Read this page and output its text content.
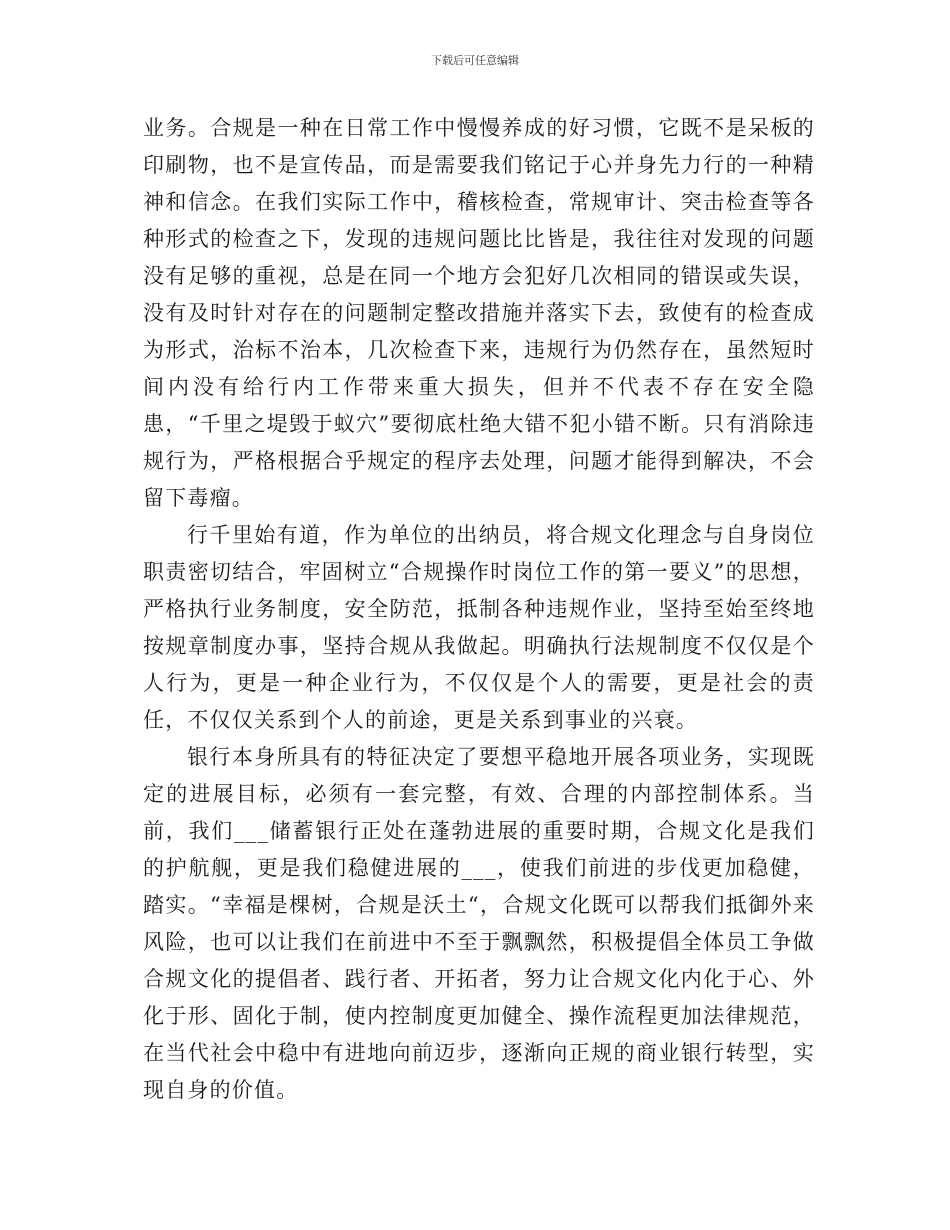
下载后可任意编辑

业务。合规是一种在日常工作中慢慢养成的好习惯，它既不是呆板的印刷物，也不是宣传品，而是需要我们铭记于心并身先力行的一种精神和信念。在我们实际工作中，稽核检查，常规审计、突击检查等各种形式的检查之下，发现的违规问题比比皆是，我往往对发现的问题没有足够的重视，总是在同一个地方会犯好几次相同的错误或失误，没有及时针对存在的问题制定整改措施并落实下去，致使有的检查成为形式，治标不治本，几次检查下来，违规行为仍然存在，虽然短时间内没有给行内工作带来重大损失，但并不代表不存在安全隐患，“千里之堤毁于蚁穴”要彻底杜绝大错不犯小错不断。只有消除违规行为，严格根据合乎规定的程序去处理，问题才能得到解决，不会留下毒瘤。

行千里始有道，作为单位的出纳员，将合规文化理念与自身岗位职责密切结合，牢固树立“合规操作时岗位工作的第一要义”的思想，严格执行业务制度，安全防范，抵制各种违规作业，坚持至始至终地按规章制度办事，坚持合规从我做起。明确执行法规制度不仅仅是个人行为，更是一种企业行为，不仅仅是个人的需要，更是社会的责任，不仅仅关系到个人的前途，更是关系到事业的兴衰。

银行本身所具有的特征决定了要想平稳地开展各项业务，实现既定的进展目标，必须有一套完整，有效、合理的内部控制体系。当前，我们___储蓄银行正处在蓬勃进展的重要时期，合规文化是我们的护航舰，更是我们稳健进展的___，使我们前进的步伐更加稳健，踏实。“幸福是棵树，合规是沃土“，合规文化既可以帮我们抵御外来风险，也可以让我们在前进中不至于飘飘然，积极提倡全体员工争做合规文化的提倡者、践行者、开拓者，努力让合规文化内化于心、外化于形、固化于制，使内控制度更加健全、操作流程更加法律规范，在当代社会中稳中有进地向前迈步，逐渐向正规的商业银行转型，实现自身的价值。
